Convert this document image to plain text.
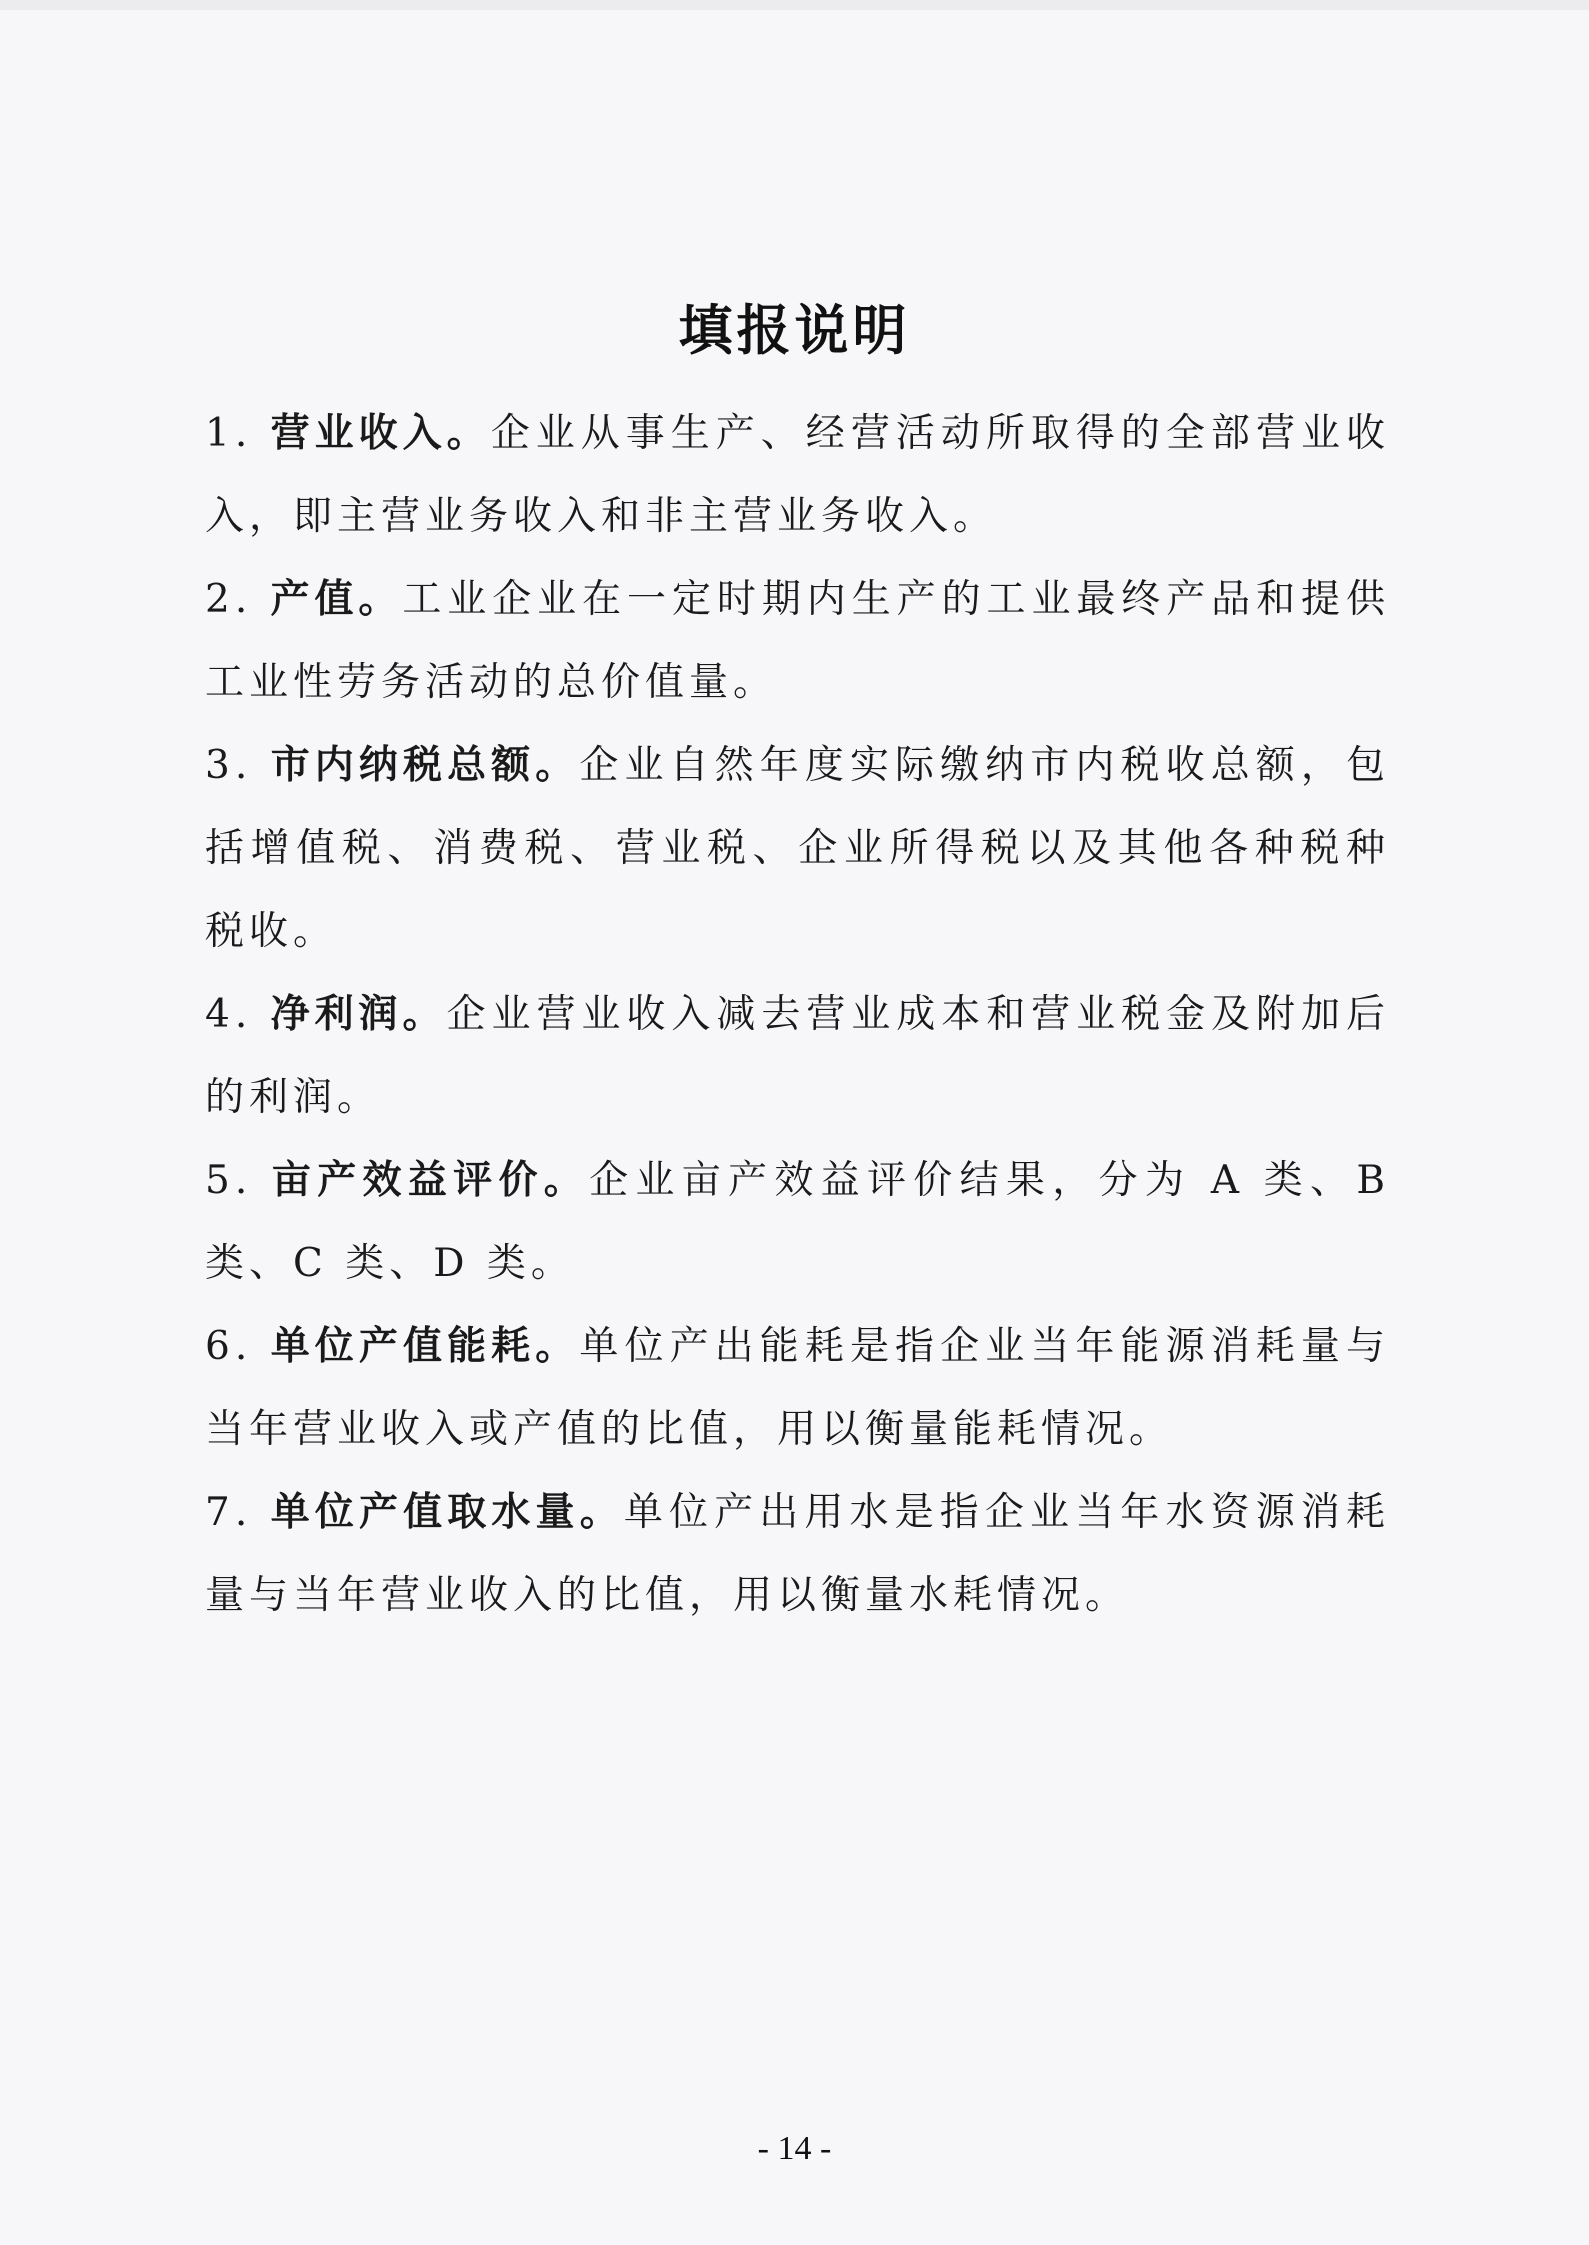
填报说明

1. 营业收入。企业从事生产、经营活动所取得的全部营业收入，即主营业务收入和非主营业务收入。

2. 产值。工业企业在一定时期内生产的工业最终产品和提供工业性劳务活动的总价值量。

3. 市内纳税总额。企业自然年度实际缴纳市内税收总额，包括增值税、消费税、营业税、企业所得税以及其他各种税种税收。

4. 净利润。企业营业收入减去营业成本和营业税金及附加后的利润。

5. 亩产效益评价。企业亩产效益评价结果，分为 A 类、B 类、C 类、D 类。

6. 单位产值能耗。单位产出能耗是指企业当年能源消耗量与当年营业收入或产值的比值，用以衡量能耗情况。

7. 单位产值取水量。单位产出用水是指企业当年水资源消耗量与当年营业收入的比值，用以衡量水耗情况。

- 14 -
